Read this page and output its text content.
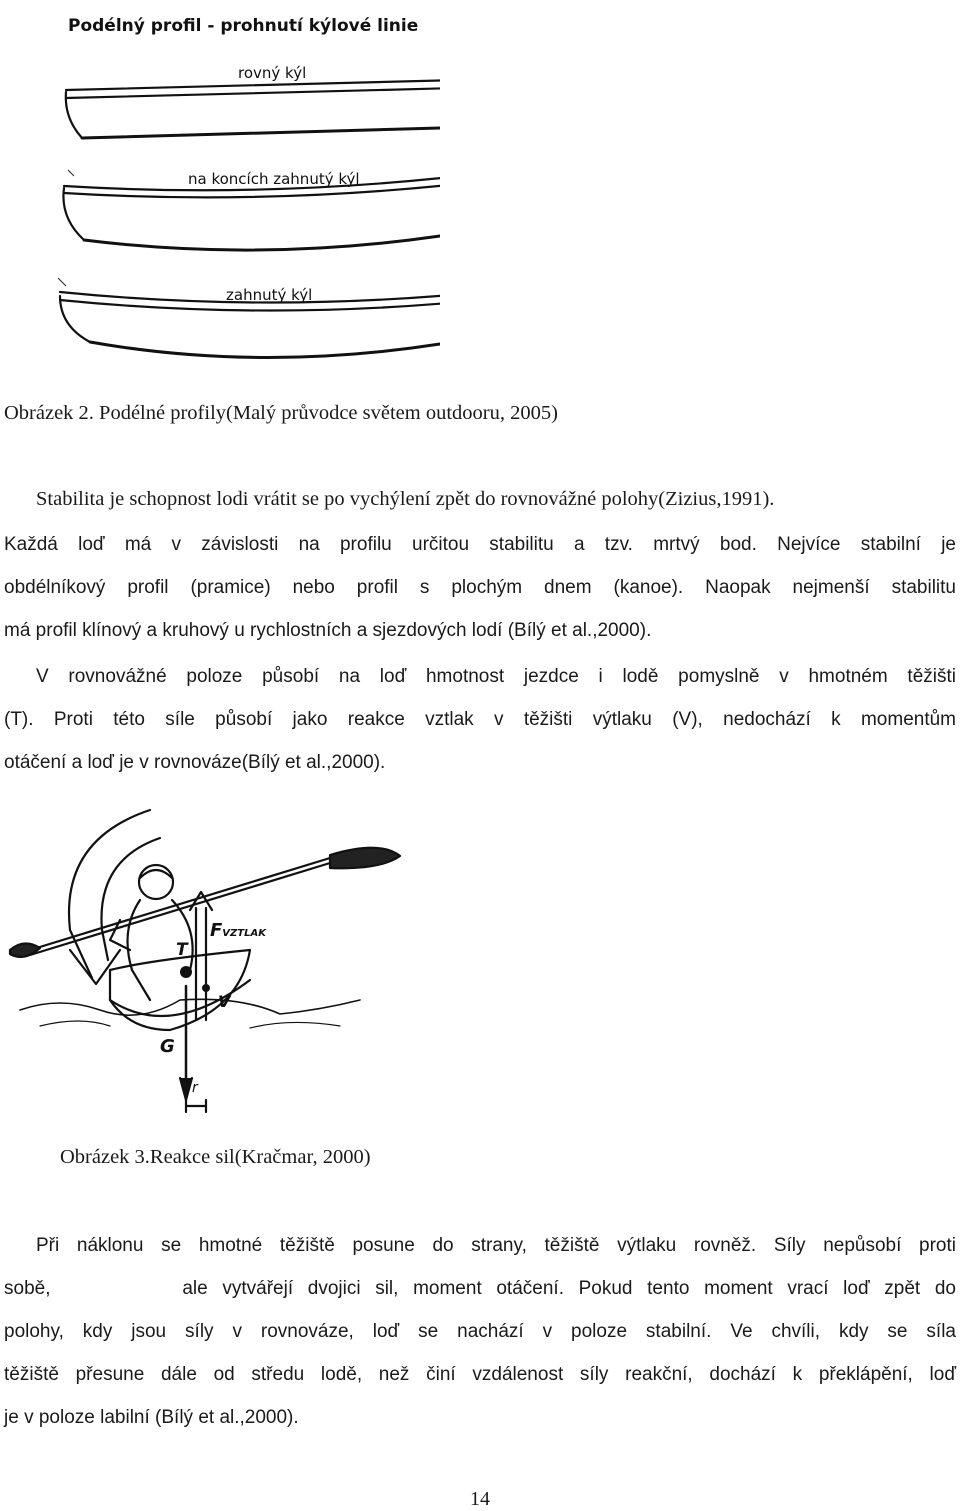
Podélný profil - prohnutí kýlové linie
rovný kýl
na koncích zahnutý kýl
zahnutý kýl
Obrázek 2. Podélné profily(Malý průvodce světem outdooru, 2005)
Stabilita je schopnost lodi vrátit se po vychýlení zpět do rovnovážné polohy(Zizius,1991).
Každá loď má v závislosti na profilu určitou stabilitu a tzv. mrtvý bod. Nejvíce stabilní je
obdélníkový profil (pramice) nebo profil s plochým dnem (kanoe). Naopak nejmenší stabilitu
má profil klínový a kruhový u rychlostních a sjezdových lodí (Bílý et al.,2000).
V rovnovážné poloze působí na loď hmotnost jezdce i lodě pomyslně v hmotném těžišti
(T). Proti této síle působí jako reakce vztlak v těžišti výtlaku (V), nedochází k momentům
otáčení a loď je v rovnováze(Bílý et al.,2000).
FVZTLAK
T
V
G
r
Obrázek 3.Reakce sil(Kračmar, 2000)
Při náklonu se hmotné těžiště posune do strany, těžiště výtlaku rovněž. Síly nepůsobí proti
sobě,         ale vytvářejí dvojici sil, moment otáčení. Pokud tento moment vrací loď zpět do
polohy, kdy jsou síly v rovnováze, loď se nachází v poloze stabilní. Ve chvíli, kdy se síla
těžiště přesune dále od středu lodě, než činí vzdálenost síly reakční, dochází k překlápění, loď
je v poloze labilní (Bílý et al.,2000).
14
